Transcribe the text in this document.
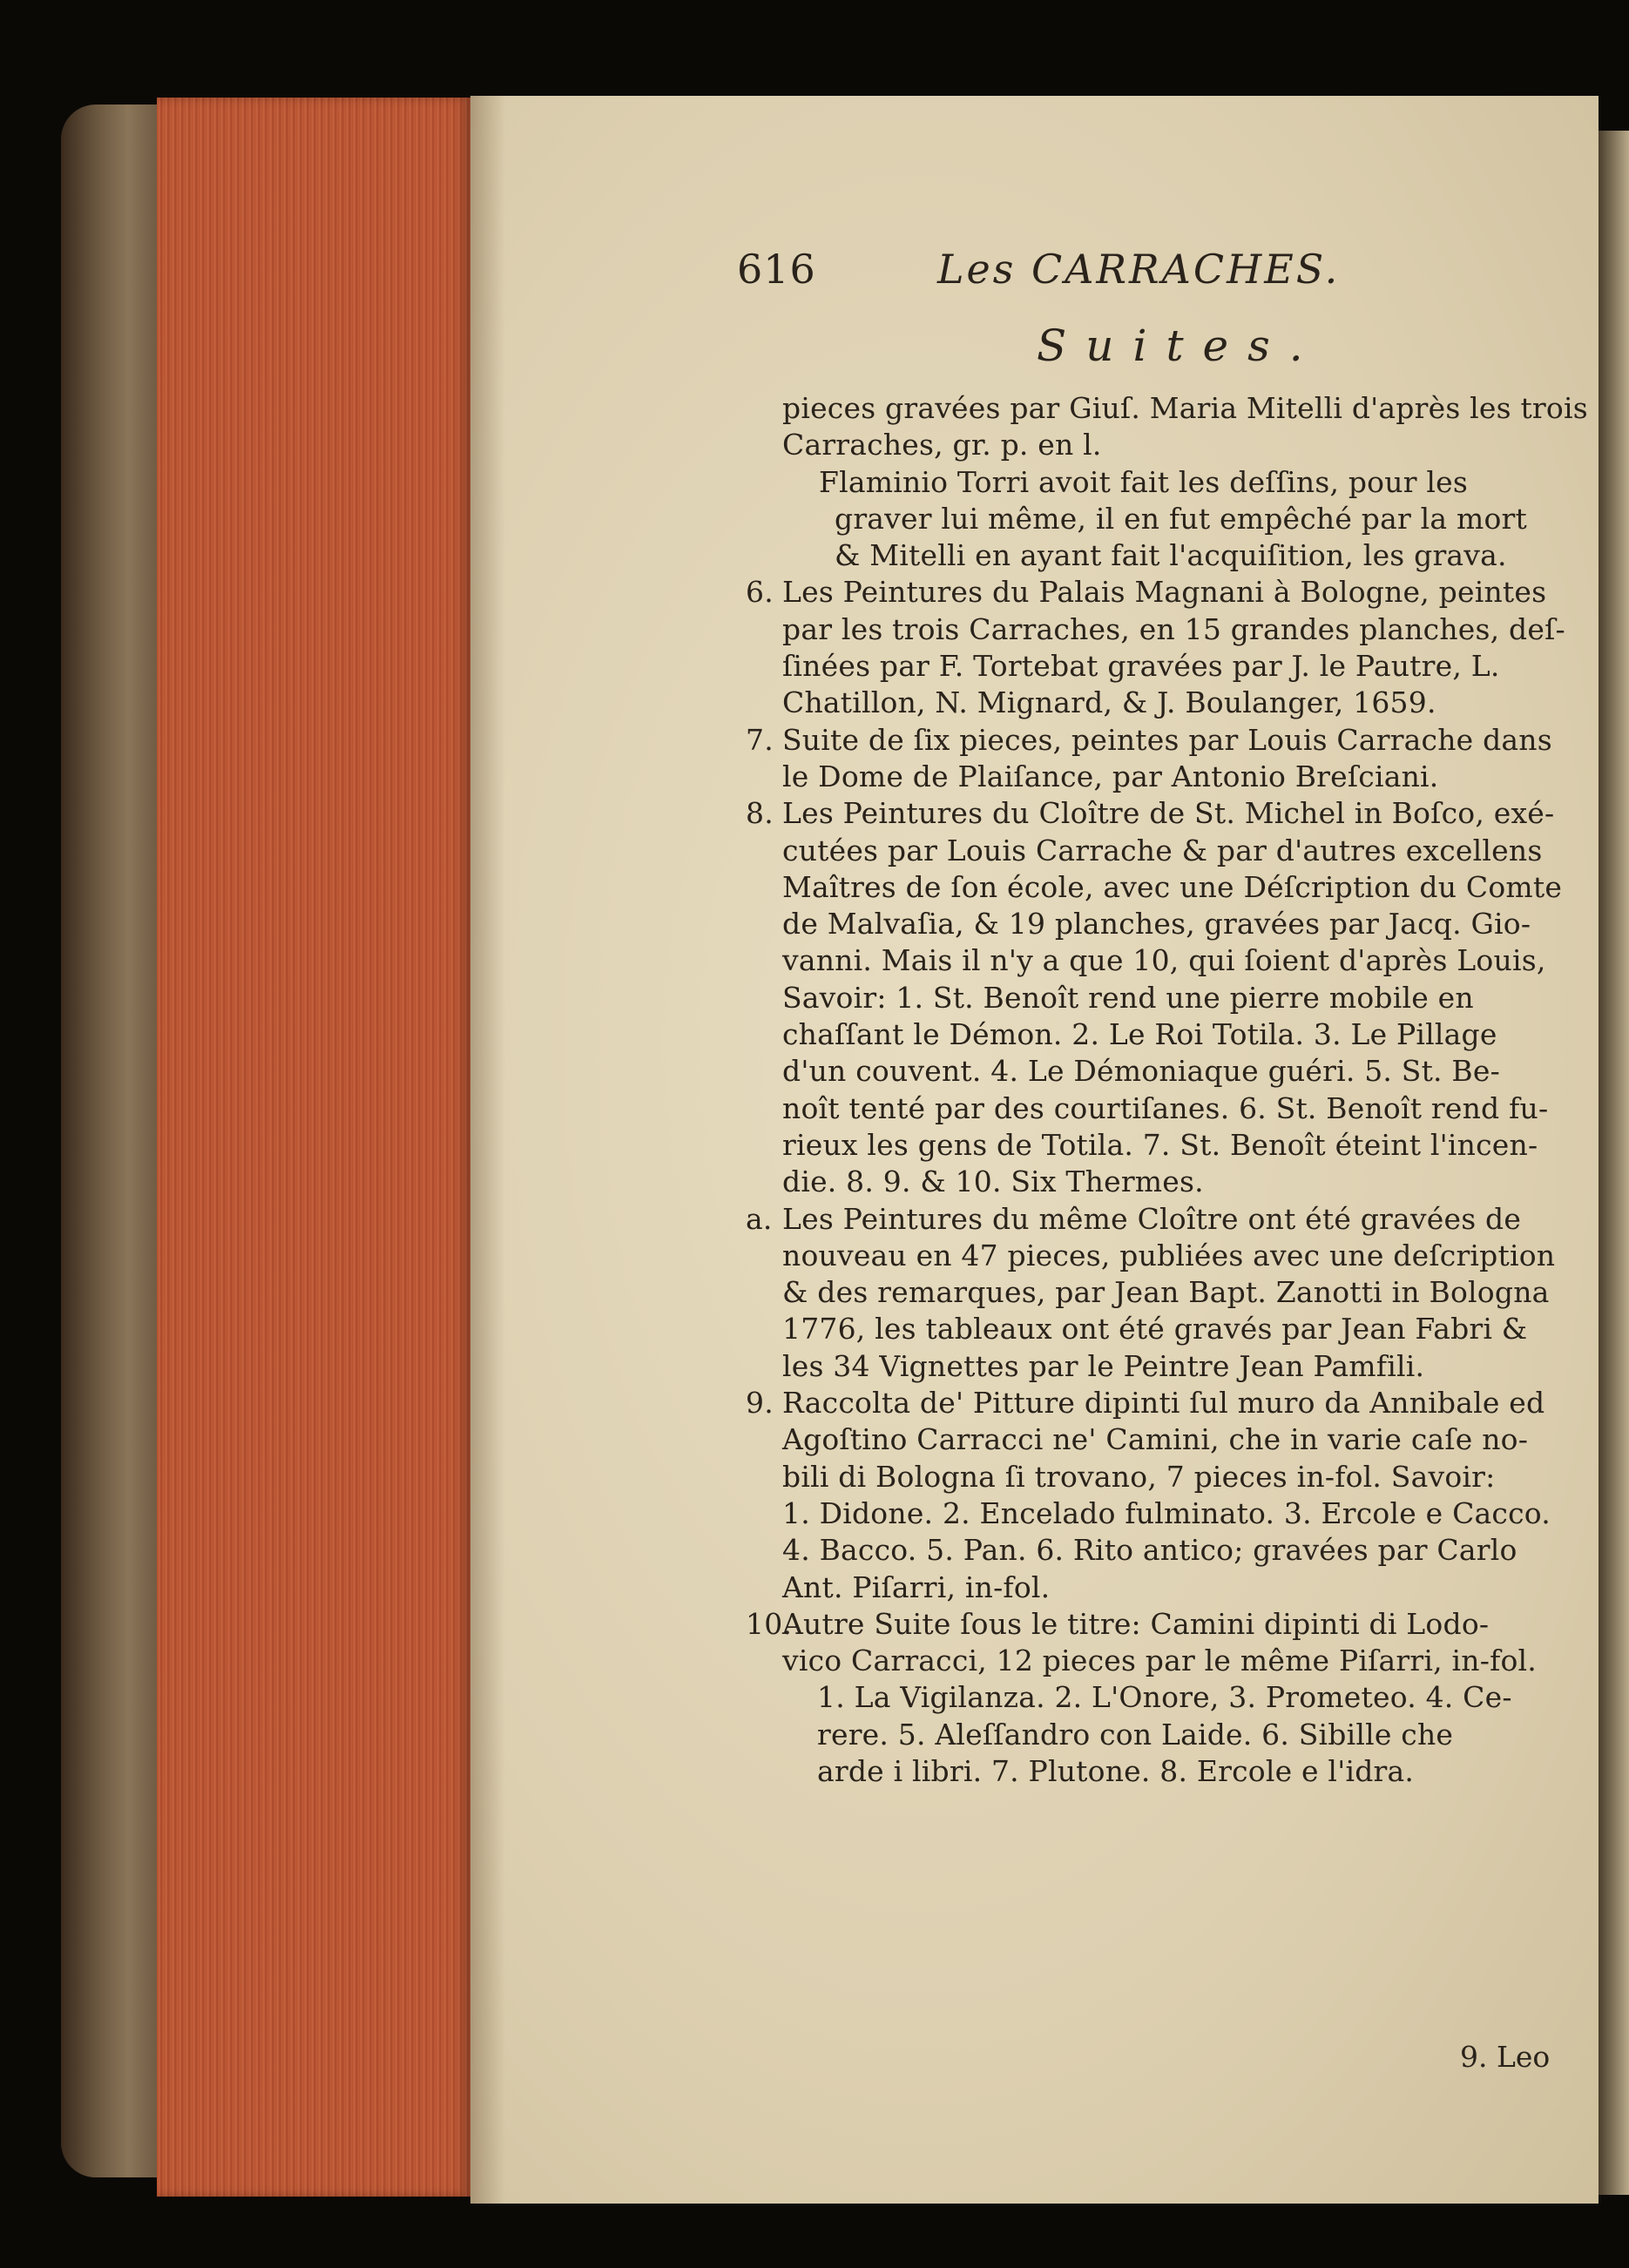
616	Les CARRACHES.
Suites.
pieces gravées par Giuſ. Maria Mitelli d'après les trois
Carraches, gr. p. en l.
Flaminio Torri avoit fait les deſſins, pour les
graver lui même, il en fut empêché par la mort
& Mitelli en ayant fait l'acquiſition, les grava.
6. Les Peintures du Palais Magnani à Bologne, peintes
par les trois Carraches, en 15 grandes planches, deſ-
ſinées par F. Tortebat gravées par J. le Pautre, L.
Chatillon, N. Mignard, & J. Boulanger, 1659.
7. Suite de ſix pieces, peintes par Louis Carrache dans
le Dome de Plaiſance, par Antonio Breſciani.
8. Les Peintures du Cloître de St. Michel in Boſco, exé-
cutées par Louis Carrache & par d'autres excellens
Maîtres de ſon école, avec une Déſcription du Comte
de Malvaſia, & 19 planches, gravées par Jacq. Gio-
vanni. Mais il n'y a que 10, qui ſoient d'après Louis,
Savoir: 1. St. Benoît rend une pierre mobile en
chaſſant le Démon. 2. Le Roi Totila. 3. Le Pillage
d'un couvent. 4. Le Démoniaque guéri. 5. St. Be-
noît tenté par des courtiſanes. 6. St. Benoît rend fu-
rieux les gens de Totila. 7. St. Benoît éteint l'incen-
die. 8. 9. & 10. Six Thermes.
a. Les Peintures du même Cloître ont été gravées de
nouveau en 47 pieces, publiées avec une deſcription
& des remarques, par Jean Bapt. Zanotti in Bologna
1776, les tableaux ont été gravés par Jean Fabri &
les 34 Vignettes par le Peintre Jean Pamfili.
9. Raccolta de' Pitture dipinti ſul muro da Annibale ed
Agoſtino Carracci ne' Camini, che in varie caſe no-
bili di Bologna ſi trovano, 7 pieces in-fol. Savoir:
1. Didone. 2. Encelado fulminato. 3. Ercole e Cacco.
4. Bacco. 5. Pan. 6. Rito antico; gravées par Carlo
Ant. Piſarri, in-fol.
10.
Autre Suite ſous le titre: Camini dipinti di Lodo-
vico Carracci, 12 pieces par le même Piſarri, in-fol.
1. La Vigilanza. 2. L'Onore, 3. Prometeo. 4. Ce-
rere. 5. Aleſſandro con Laide. 6. Sibille che
arde i libri. 7. Plutone. 8. Ercole e l'idra.
9. Leo
